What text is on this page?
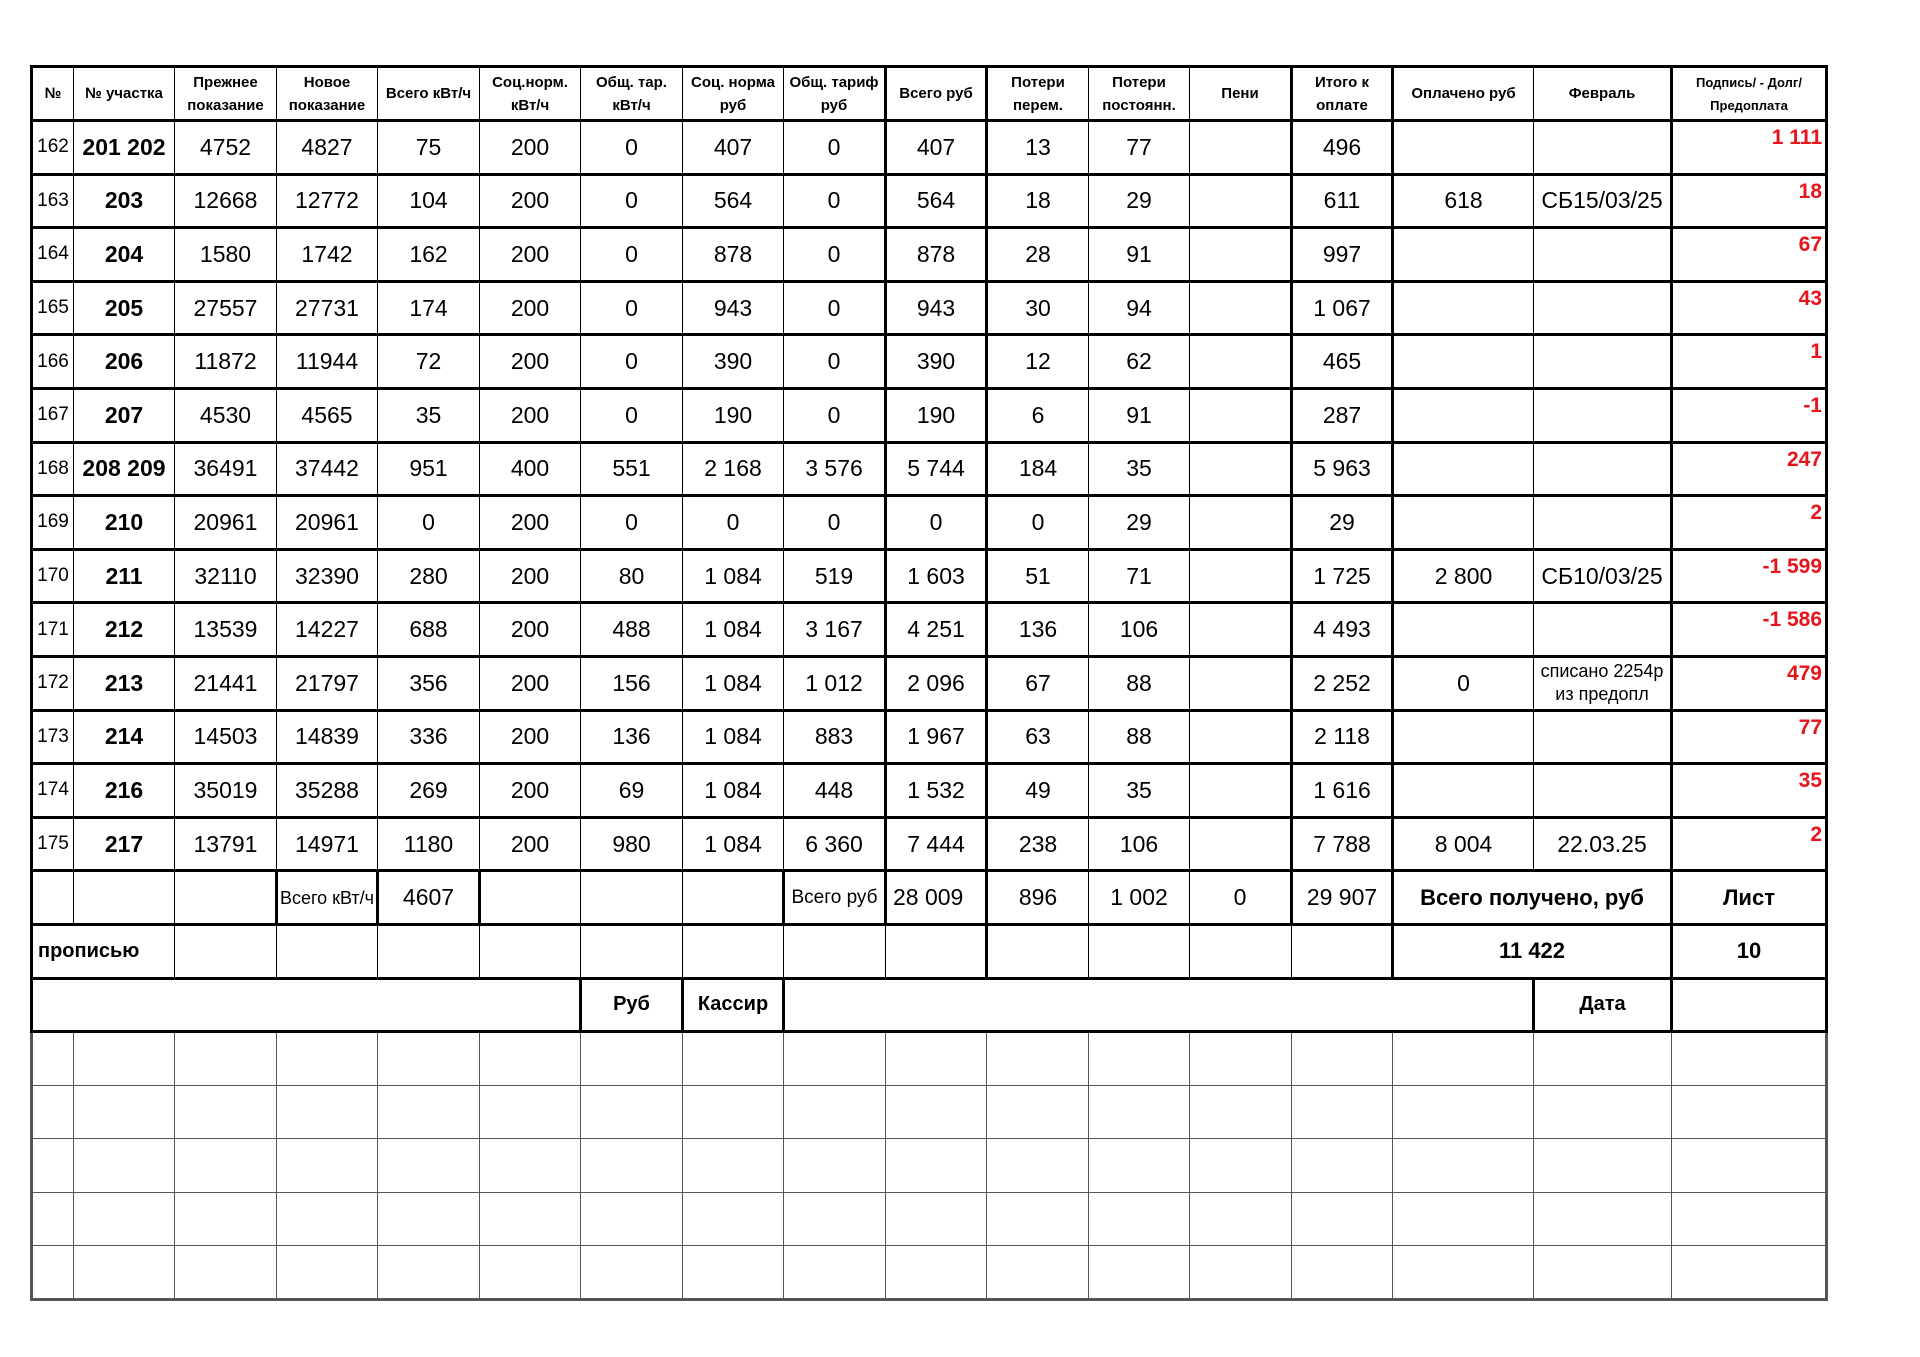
№	№ участка	Прежнее показание	Новое показание	Всего кВт/ч	Соц.норм. кВт/ч	Общ. тар. кВт/ч	Соц. норма руб	Общ. тариф руб	Всего руб	Потери перем.	Потери постоянн.	Пени	Итого к оплате	Оплачено руб	Февраль	Подпись/ - Долг/Предоплата
162	201 202	4752	4827	75	200	0	407	0	407	13	77		496			1 111
163	203	12668	12772	104	200	0	564	0	564	18	29		611	618	СБ15/03/25	18
164	204	1580	1742	162	200	0	878	0	878	28	91		997			67
165	205	27557	27731	174	200	0	943	0	943	30	94		1 067			43
166	206	11872	11944	72	200	0	390	0	390	12	62		465			1
167	207	4530	4565	35	200	0	190	0	190	6	91		287			-1
168	208 209	36491	37442	951	400	551	2 168	3 576	5 744	184	35		5 963			247
169	210	20961	20961	0	200	0	0	0	0	0	29		29			2
170	211	32110	32390	280	200	80	1 084	519	1 603	51	71		1 725	2 800	СБ10/03/25	-1 599
171	212	13539	14227	688	200	488	1 084	3 167	4 251	136	106		4 493			-1 586
172	213	21441	21797	356	200	156	1 084	1 012	2 096	67	88		2 252	0	списано 2254р из предопл	479
173	214	14503	14839	336	200	136	1 084	883	1 967	63	88		2 118			77
174	216	35019	35288	269	200	69	1 084	448	1 532	49	35		1 616			35
175	217	13791	14971	1180	200	980	1 084	6 360	7 444	238	106		7 788	8 004	22.03.25	2
			Всего кВт/ч	4607				Всего руб	28 009	896	1 002	0	29 907	Всего получено, руб		Лист
прописью														11 422		10
						Руб	Кассир								Дата	
